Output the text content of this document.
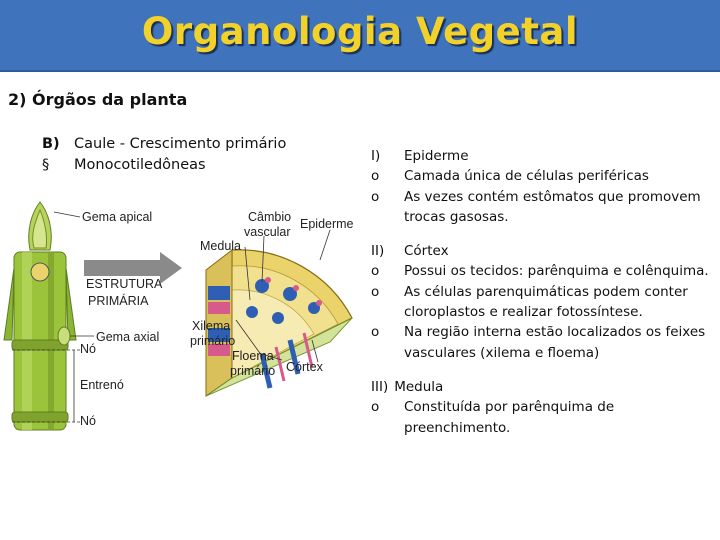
Organologia Vegetal
2) Órgãos da planta
B) Caule - Crescimento primário
§	Monocotiledôneas
Gema apical
ESTRUTURA
PRIMÁRIA
Gema axial
Nó
Entrenó
Nó
Câmbio
vascular
Epiderme
Medula
Xilema
primário
Floema
primário Córtex
I)	Epiderme
o	Camada única de células periféricas
o	As vezes contém estômatos que promovem trocas gasosas.
II)	Córtex
o	Possui os tecidos: parênquima e colênquima.
o	As células parenquimáticas podem conter cloroplastos e realizar fotossíntese.
o	Na região interna estão localizados os feixes vasculares (xilema e floema)
III) Medula
o	Constituída por parênquima de preenchimento.
